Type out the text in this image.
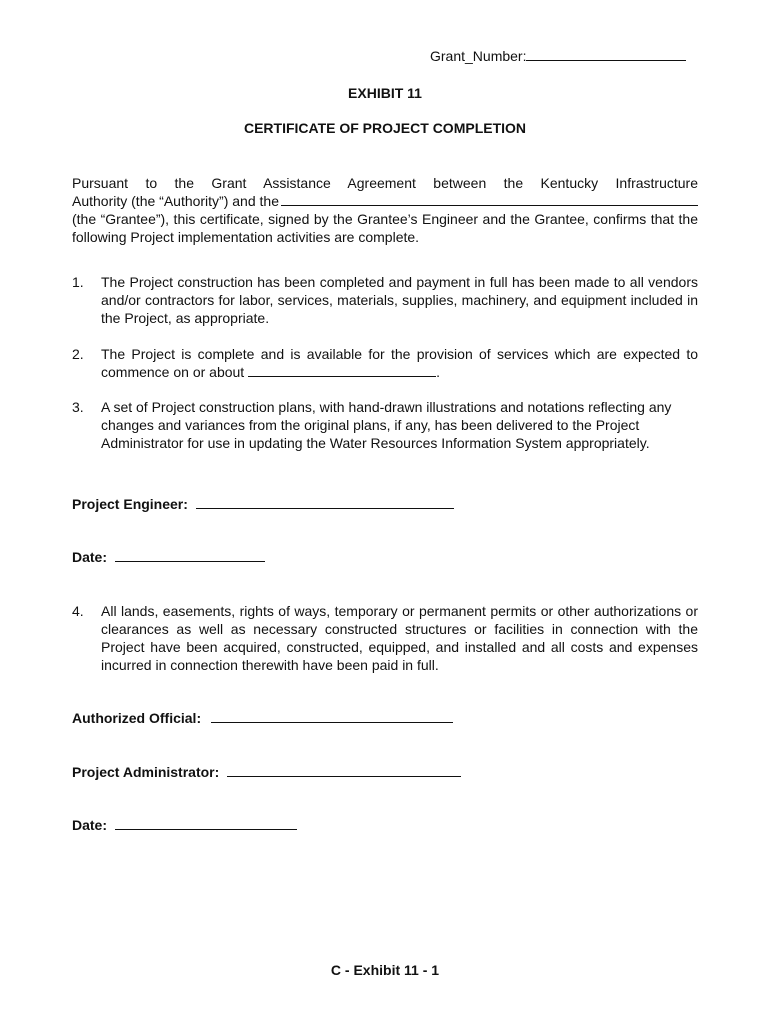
Grant_Number:
EXHIBIT 11
CERTIFICATE OF PROJECT COMPLETION
Pursuant to the Grant Assistance Agreement between the Kentucky Infrastructure
Authority (the “Authority”) and the
(the “Grantee”), this certificate, signed by the Grantee’s Engineer and the Grantee, confirms that the following Project implementation activities are complete.
1. The Project construction has been completed and payment in full has been made to all vendors and/or contractors for labor, services, materials, supplies, machinery, and equipment included in the Project, as appropriate.
2. The Project is complete and is available for the provision of services which are expected to commence on or about	.
3. A set of Project construction plans, with hand-drawn illustrations and notations reflecting any changes and variances from the original plans, if any, has been delivered to the Project Administrator for use in updating the Water Resources Information System appropriately.
Project Engineer:
Date:
4. All lands, easements, rights of ways, temporary or permanent permits or other authorizations or clearances as well as necessary constructed structures or facilities in connection with the Project have been acquired, constructed, equipped, and installed and all costs and expenses incurred in connection therewith have been paid in full.
Authorized Official:
Project Administrator:
Date:
C - Exhibit 11 - 1
